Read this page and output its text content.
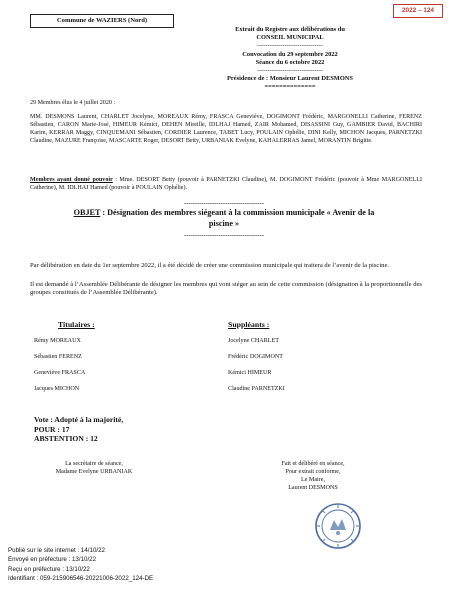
Commune de WAZIERS (Nord)
2022 – 124
Extrait du Registre aux délibérations du
CONSEIL MUNICIPAL
-------------------------------
Convocation du 29 septembre 2022
Séance du 6 octobre 2022
-------------------------------
Présidence de : Monsieur Laurent DESMONS
==============
29 Membres élus le 4 juillet 2020 :
MM. DESMONS Laurent, CHARLET Jocelyne, MOREAUX Rémy, FRASCA Geneviève, DOGIMONT Frédéric, MARGONELLI Catherine, FERENZ Sébastien, CARON Marie-José, HIMEUR Kémici, DEHEN Mireille, IDLHAJ Hamed, ZAIR Mohamed, DISASSINI Guy, GAMBIER David, BACHIRI Karim, KERRAR Maggy, CINQUEMANI Sébastien, CORDIER Laurence, TABET Lucy, POULAIN Ophélie, DINI Kelly, MICHON Jacques, PARNETZKI Claudine, MAZURE Françoise, MASCARTE Roger, DESORT Betty, URBANIAK Evelyne, KAHALERRAS Jamel, MORANTIN Brigitte.
Membres ayant donné pouvoir : Mme. DESORT Betty (pouvoir à PARNETZKI Claudine), M. DOGIMONT Frédéric (pouvoir à Mme MARGONELLI Catherine), M. IDLHAJ Hamed (pouvoir à POULAIN Ophélie).
-------------------------------------
OBJET : Désignation des membres siégeant à la commission municipale « Avenir de la
piscine »
-------------------------------------
Par délibération en date du 1er septembre 2022, il a été décidé de créer une commission municipale qui traitera de l’avenir de la piscine.
Il est demandé à l’Assemblée Délibérante de désigner les membres qui vont siéger au sein de cette commission (désignation à la proportionnelle des groupes constitués de l’Assemblée Délibérante).
Titulaires :
Rémy MOREAUX
Sébastien FERENZ
Geneviève FRASCA
Jacques MICHON
Suppléants :
Jocelyne CHARLET
Frédéric DOGIMONT
Kémici HIMEUR
Claudine PARNETZKI
Vote : Adopté à la majorité,
POUR : 17
ABSTENTION : 12
La secrétaire de séance,
Madame Evelyne URBANIAK
Fait et délibéré en séance,
Pour extrait conforme,
Le Maire,
Laurent DESMONS
Publié sur le site internet : 14/10/22
Envoyé en préfecture : 13/10/22
Reçu en préfecture : 13/10/22
Identifiant : 059-215906546-20221006-2022_124-DE
